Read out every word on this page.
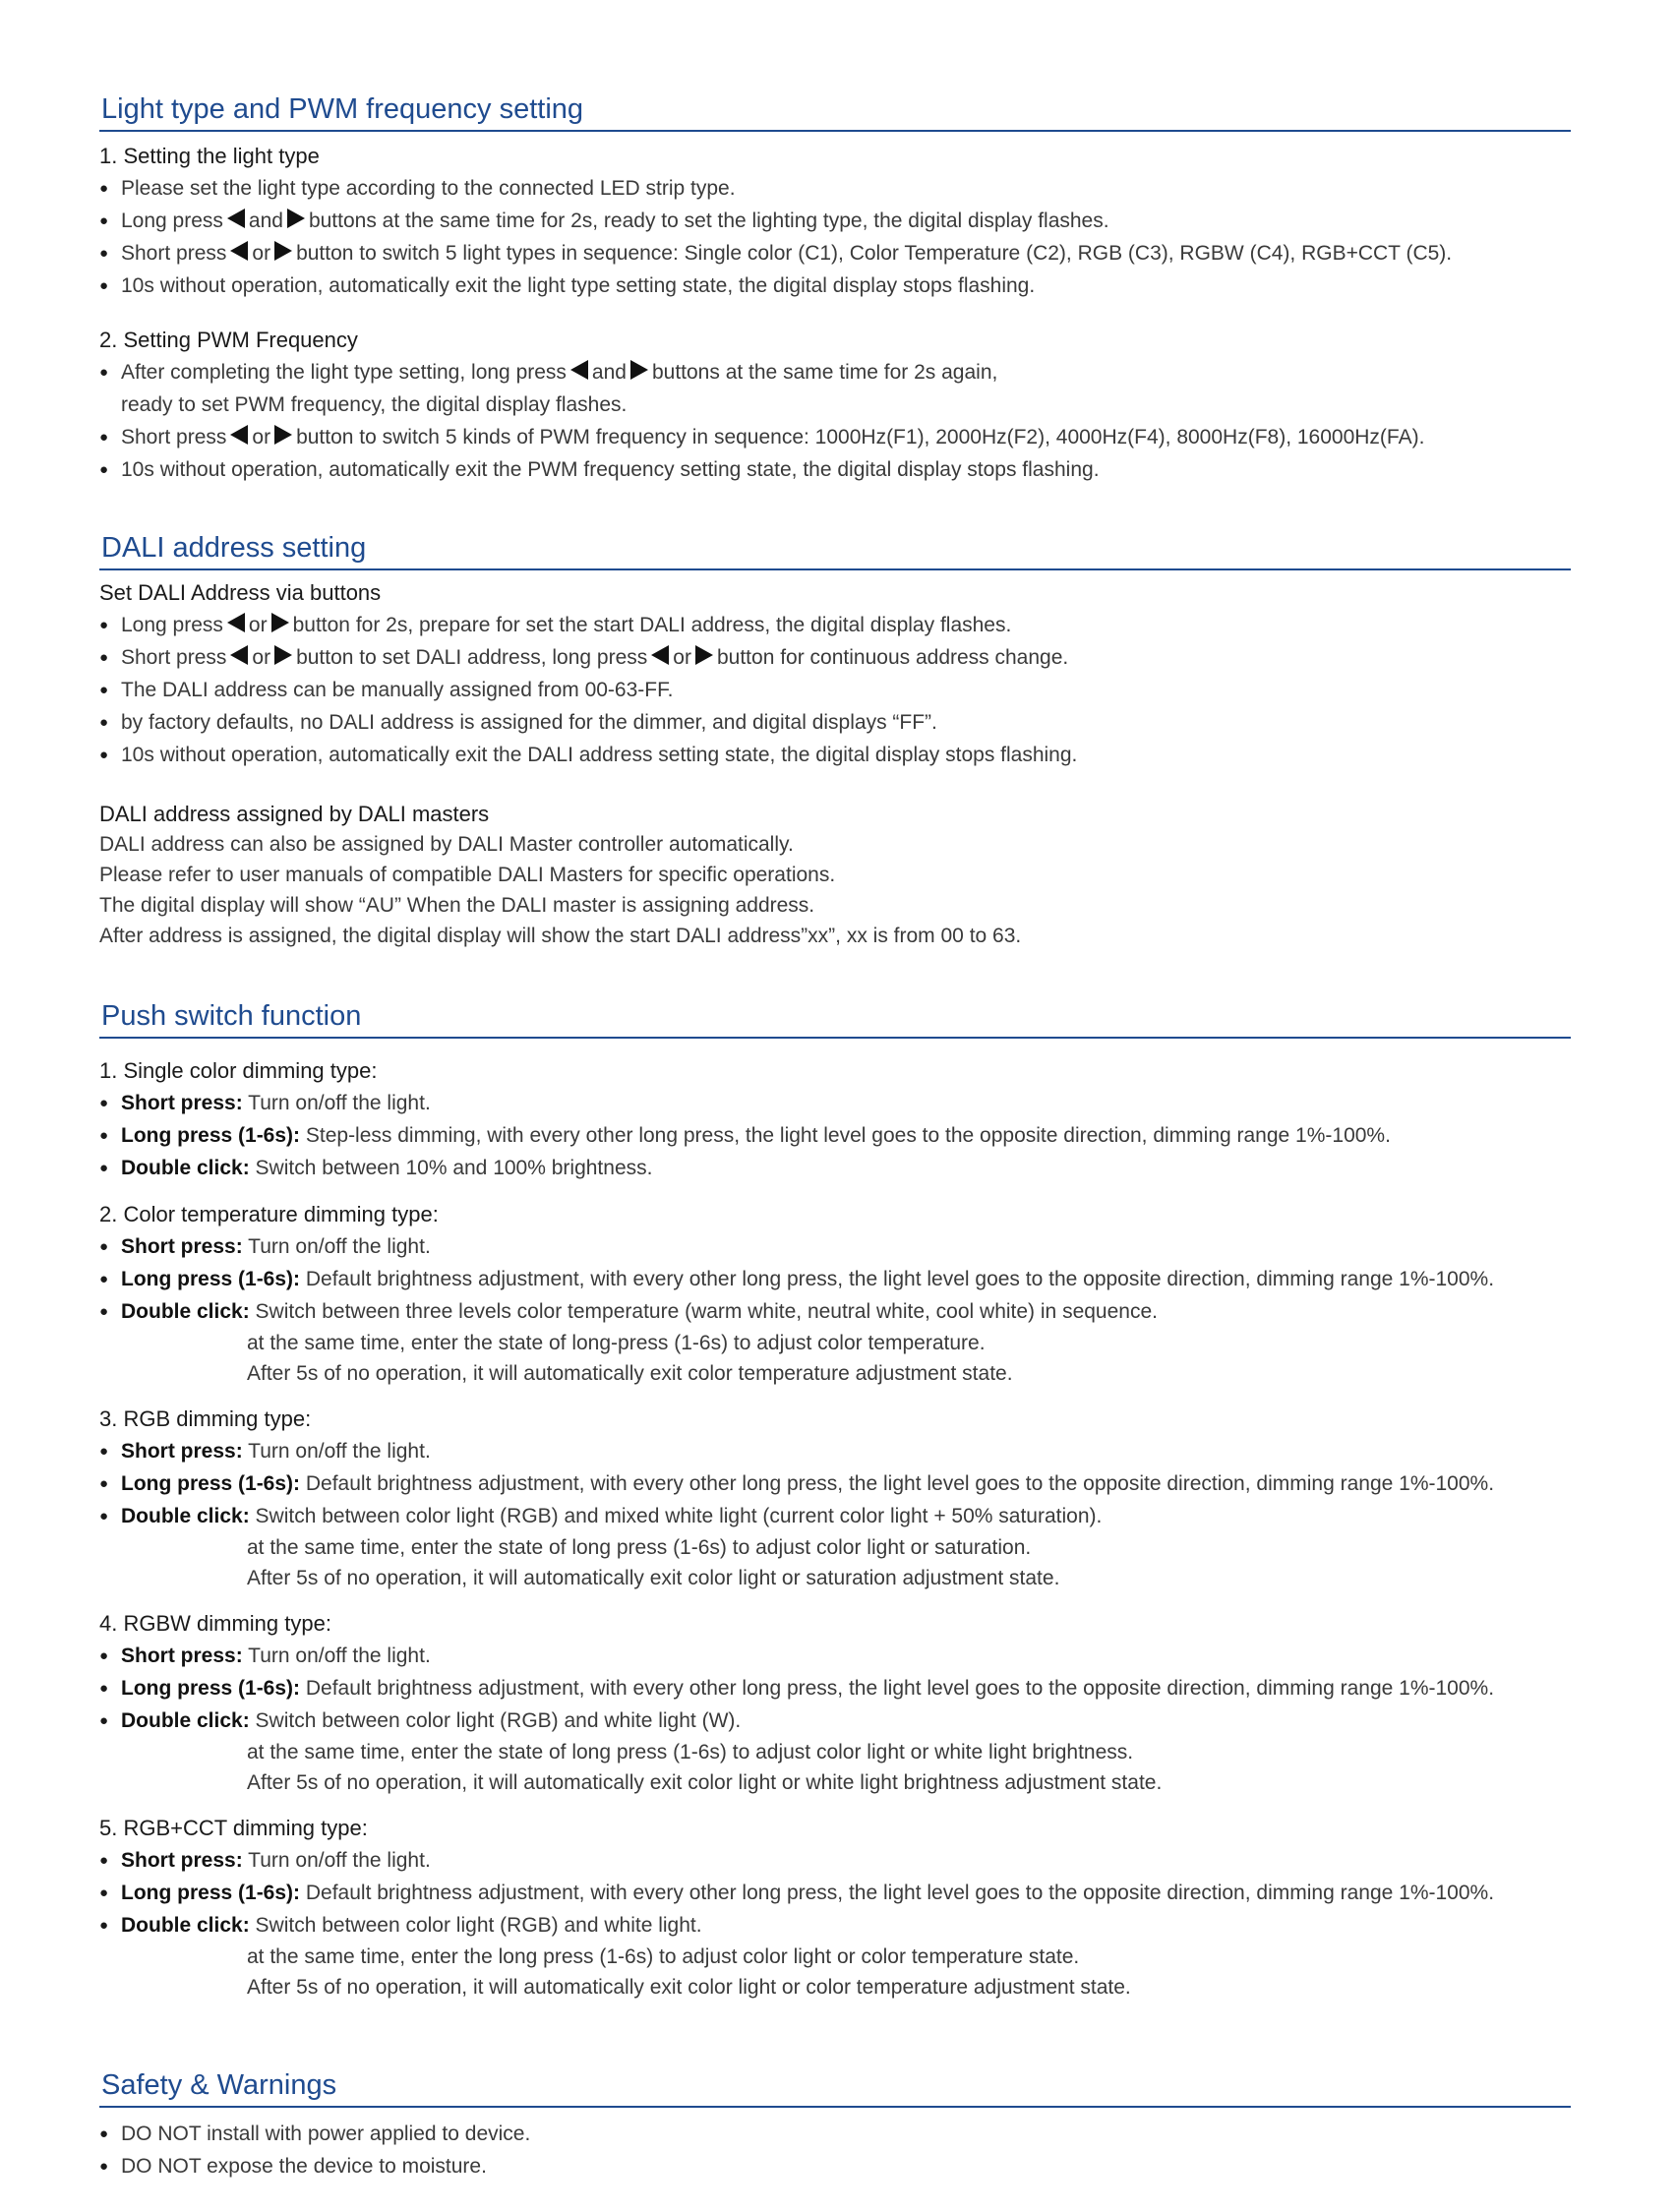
Light type and PWM frequency setting
1. Setting the light type
● Please set the light type according to the connected LED strip type.
● Long press and buttons at the same time for 2s, ready to set the lighting type, the digital display flashes.
● Short press or button to switch 5 light types in sequence: Single color (C1), Color Temperature (C2), RGB (C3), RGBW (C4), RGB+CCT (C5).
● 10s without operation, automatically exit the light type setting state, the digital display stops flashing.
2. Setting PWM Frequency
● After completing the light type setting, long press and buttons at the same time for 2s again,
ready to set PWM frequency, the digital display flashes.
● Short press or button to switch 5 kinds of PWM frequency in sequence: 1000Hz(F1), 2000Hz(F2), 4000Hz(F4), 8000Hz(F8), 16000Hz(FA).
● 10s without operation, automatically exit the PWM frequency setting state, the digital display stops flashing.
DALI address setting
Set DALI Address via buttons
● Long press or button for 2s, prepare for set the start DALI address, the digital display flashes.
● Short press or button to set DALI address, long press or button for continuous address change.
● The DALI address can be manually assigned from 00-63-FF.
● by factory defaults, no DALI address is assigned for the dimmer, and digital displays “FF”.
● 10s without operation, automatically exit the DALI address setting state, the digital display stops flashing.
DALI address assigned by DALI masters
DALI address can also be assigned by DALI Master controller automatically.
Please refer to user manuals of compatible DALI Masters for specific operations.
The digital display will show “AU” When the DALI master is assigning address.
After address is assigned, the digital display will show the start DALI address”xx”, xx is from 00 to 63.
Push switch function
1. Single color dimming type:
● Short press: Turn on/off the light.
● Long press (1-6s): Step-less dimming, with every other long press, the light level goes to the opposite direction, dimming range 1%-100%.
● Double click: Switch between 10% and 100% brightness.
2. Color temperature dimming type:
● Short press: Turn on/off the light.
● Long press (1-6s): Default brightness adjustment, with every other long press, the light level goes to the opposite direction, dimming range 1%-100%.
● Double click: Switch between three levels color temperature (warm white, neutral white, cool white) in sequence.
at the same time, enter the state of long-press (1-6s) to adjust color temperature.
After 5s of no operation, it will automatically exit color temperature adjustment state.
3. RGB dimming type:
● Short press: Turn on/off the light.
● Long press (1-6s): Default brightness adjustment, with every other long press, the light level goes to the opposite direction, dimming range 1%-100%.
● Double click: Switch between color light (RGB) and mixed white light (current color light + 50% saturation).
at the same time, enter the state of long press (1-6s) to adjust color light or saturation.
After 5s of no operation, it will automatically exit color light or saturation adjustment state.
4. RGBW dimming type:
● Short press: Turn on/off the light.
● Long press (1-6s): Default brightness adjustment, with every other long press, the light level goes to the opposite direction, dimming range 1%-100%.
● Double click: Switch between color light (RGB) and white light (W).
at the same time, enter the state of long press (1-6s) to adjust color light or white light brightness.
After 5s of no operation, it will automatically exit color light or white light brightness adjustment state.
5. RGB+CCT dimming type:
● Short press: Turn on/off the light.
● Long press (1-6s): Default brightness adjustment, with every other long press, the light level goes to the opposite direction, dimming range 1%-100%.
● Double click: Switch between color light (RGB) and white light.
at the same time, enter the long press (1-6s) to adjust color light or color temperature state.
After 5s of no operation, it will automatically exit color light or color temperature adjustment state.
Safety & Warnings
● DO NOT install with power applied to device.
● DO NOT expose the device to moisture.
